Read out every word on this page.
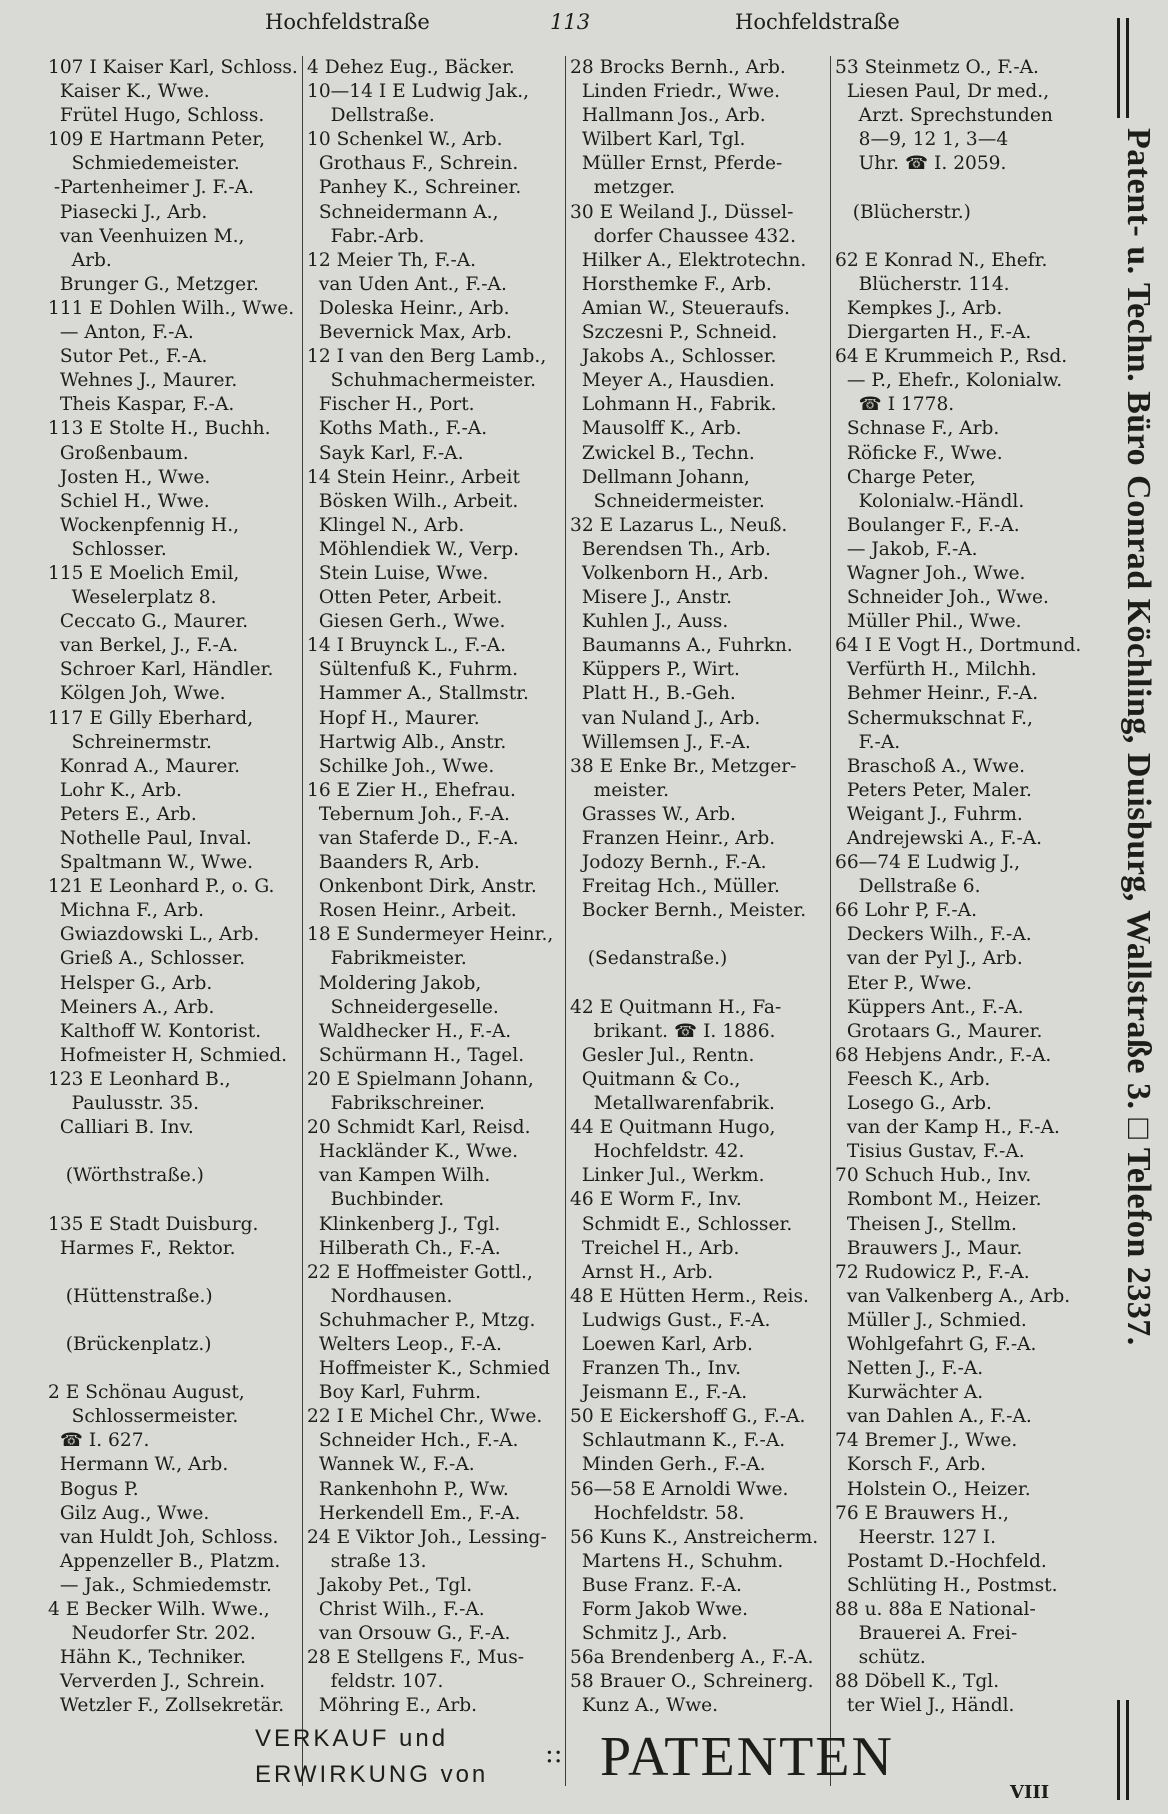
Hochfeldstraße	113	Hochfeldstraße
107 I Kaiser Karl, Schloss.
Kaiser K., Wwe.
Frütel Hugo, Schloss.
109 E Hartmann Peter,
Schmiedemeister.
-Partenheimer J. F.-A.
Piasecki J., Arb.
van Veenhuizen M.,
Arb.
Brunger G., Metzger.
111 E Dohlen Wilh., Wwe.
— Anton, F.-A.
Sutor Pet., F.-A.
Wehnes J., Maurer.
Theis Kaspar, F.-A.
113 E Stolte H., Buchh.
Großenbaum.
Josten H., Wwe.
Schiel H., Wwe.
Wockenpfennig H.,
Schlosser.
115 E Moelich Emil,
Weselerplatz 8.
Ceccato G., Maurer.
van Berkel, J., F.-A.
Schroer Karl, Händler.
Kölgen Joh, Wwe.
117 E Gilly Eberhard,
Schreinermstr.
Konrad A., Maurer.
Lohr K., Arb.
Peters E., Arb.
Nothelle Paul, Inval.
Spaltmann W., Wwe.
121 E Leonhard P., o. G.
Michna F., Arb.
Gwiazdowski L., Arb.
Grieß A., Schlosser.
Helsper G., Arb.
Meiners A., Arb.
Kalthoff W. Kontorist.
Hofmeister H, Schmied.
123 E Leonhard B.,
Paulusstr. 35.
Calliari B. Inv.
(Wörthstraße.)
135 E Stadt Duisburg.
Harmes F., Rektor.
(Hüttenstraße.)
(Brückenplatz.)
2 E Schönau August,
Schlossermeister.
☎ I. 627.
Hermann W., Arb.
Bogus P.
Gilz Aug., Wwe.
van Huldt Joh, Schloss.
Appenzeller B., Platzm.
— Jak., Schmiedemstr.
4 E Becker Wilh. Wwe.,
Neudorfer Str. 202.
Hähn K., Techniker.
Ververden J., Schrein.
Wetzler F., Zollsekretär.
4 Dehez Eug., Bäcker.
10—14 I E Ludwig Jak.,
Dellstraße.
10 Schenkel W., Arb.
Grothaus F., Schrein.
Panhey K., Schreiner.
Schneidermann A.,
Fabr.-Arb.
12 Meier Th, F.-A.
van Uden Ant., F.-A.
Doleska Heinr., Arb.
Bevernick Max, Arb.
12 I van den Berg Lamb.,
Schuhmachermeister.
Fischer H., Port.
Koths Math., F.-A.
Sayk Karl, F.-A.
14 Stein Heinr., Arbeit
Bösken Wilh., Arbeit.
Klingel N., Arb.
Möhlendiek W., Verp.
Stein Luise, Wwe.
Otten Peter, Arbeit.
Giesen Gerh., Wwe.
14 I Bruynck L., F.-A.
Sültenfuß K., Fuhrm.
Hammer A., Stallmstr.
Hopf H., Maurer.
Hartwig Alb., Anstr.
Schilke Joh., Wwe.
16 E Zier H., Ehefrau.
Tebernum Joh., F.-A.
van Staferde D., F.-A.
Baanders R, Arb.
Onkenbont Dirk, Anstr.
Rosen Heinr., Arbeit.
18 E Sundermeyer Heinr.,
Fabrikmeister.
Moldering Jakob,
Schneidergeselle.
Waldhecker H., F.-A.
Schürmann H., Tagel.
20 E Spielmann Johann,
Fabrikschreiner.
20 Schmidt Karl, Reisd.
Hackländer K., Wwe.
van Kampen Wilh.
Buchbinder.
Klinkenberg J., Tgl.
Hilberath Ch., F.-A.
22 E Hoffmeister Gottl.,
Nordhausen.
Schuhmacher P., Mtzg.
Welters Leop., F.-A.
Hoffmeister K., Schmied
Boy Karl, Fuhrm.
22 I E Michel Chr., Wwe.
Schneider Hch., F.-A.
Wannek W., F.-A.
Rankenhohn P., Ww.
Herkendell Em., F.-A.
24 E Viktor Joh., Lessing-
straße 13.
Jakoby Pet., Tgl.
Christ Wilh., F.-A.
van Orsouw G., F.-A.
28 E Stellgens F., Mus-
feldstr. 107.
Möhring E., Arb.
28 Brocks Bernh., Arb.
Linden Friedr., Wwe.
Hallmann Jos., Arb.
Wilbert Karl, Tgl.
Müller Ernst, Pferde-
metzger.
30 E Weiland J., Düssel-
dorfer Chaussee 432.
Hilker A., Elektrotechn.
Horsthemke F., Arb.
Amian W., Steueraufs.
Szczesni P., Schneid.
Jakobs A., Schlosser.
Meyer A., Hausdien.
Lohmann H., Fabrik.
Mausolff K., Arb.
Zwickel B., Techn.
Dellmann Johann,
Schneidermeister.
32 E Lazarus L., Neuß.
Berendsen Th., Arb.
Volkenborn H., Arb.
Misere J., Anstr.
Kuhlen J., Auss.
Baumanns A., Fuhrkn.
Küppers P., Wirt.
Platt H., B.-Geh.
van Nuland J., Arb.
Willemsen J., F.-A.
38 E Enke Br., Metzger-
meister.
Grasses W., Arb.
Franzen Heinr., Arb.
Jodozy Bernh., F.-A.
Freitag Hch., Müller.
Bocker Bernh., Meister.
(Sedanstraße.)
42 E Quitmann H., Fa-
brikant. ☎ I. 1886.
Gesler Jul., Rentn.
Quitmann & Co.,
Metallwarenfabrik.
44 E Quitmann Hugo,
Hochfeldstr. 42.
Linker Jul., Werkm.
46 E Worm F., Inv.
Schmidt E., Schlosser.
Treichel H., Arb.
Arnst H., Arb.
48 E Hütten Herm., Reis.
Ludwigs Gust., F.-A.
Loewen Karl, Arb.
Franzen Th., Inv.
Jeismann E., F.-A.
50 E Eickershoff G., F.-A.
Schlautmann K., F.-A.
Minden Gerh., F.-A.
56—58 E Arnoldi Wwe.
Hochfeldstr. 58.
56 Kuns K., Anstreicherm.
Martens H., Schuhm.
Buse Franz. F.-A.
Form Jakob Wwe.
Schmitz J., Arb.
56a Brendenberg A., F.-A.
58 Brauer O., Schreinerg.
Kunz A., Wwe.
53 Steinmetz O., F.-A.
Liesen Paul, Dr med.,
Arzt. Sprechstunden
8—9, 12 1, 3—4
Uhr. ☎ I. 2059.
(Blücherstr.)
62 E Konrad N., Ehefr.
Blücherstr. 114.
Kempkes J., Arb.
Diergarten H., F.-A.
64 E Krummeich P., Rsd.
— P., Ehefr., Kolonialw.
☎ I 1778.
Schnase F., Arb.
Röficke F., Wwe.
Charge Peter,
Kolonialw.-Händl.
Boulanger F., F.-A.
— Jakob, F.-A.
Wagner Joh., Wwe.
Schneider Joh., Wwe.
Müller Phil., Wwe.
64 I E Vogt H., Dortmund.
Verfürth H., Milchh.
Behmer Heinr., F.-A.
Schermukschnat F.,
F.-A.
Braschoß A., Wwe.
Peters Peter, Maler.
Weigant J., Fuhrm.
Andrejewski A., F.-A.
66—74 E Ludwig J.,
Dellstraße 6.
66 Lohr P, F.-A.
Deckers Wilh., F.-A.
van der Pyl J., Arb.
Eter P., Wwe.
Küppers Ant., F.-A.
Grotaars G., Maurer.
68 Hebjens Andr., F.-A.
Feesch K., Arb.
Losego G., Arb.
van der Kamp H., F.-A.
Tisius Gustav, F.-A.
70 Schuch Hub., Inv.
Rombont M., Heizer.
Theisen J., Stellm.
Brauwers J., Maur.
72 Rudowicz P., F.-A.
van Valkenberg A., Arb.
Müller J., Schmied.
Wohlgefahrt G, F.-A.
Netten J., F.-A.
Kurwächter A.
van Dahlen A., F.-A.
74 Bremer J., Wwe.
Korsch F., Arb.
Holstein O., Heizer.
76 E Brauwers H.,
Heerstr. 127 I.
Postamt D.-Hochfeld.
Schlüting H., Postmst.
88 u. 88a E National-
Brauerei A. Frei-
schütz.
88 Döbell K., Tgl.
ter Wiel J., Händl.
Patent- u. Techn. Büro Conrad Köchling, Duisburg, Wallstraße 3. □ Telefon 2337.
VERKAUF und
ERWIRKUNG von
:: PATENTEN
VIII
